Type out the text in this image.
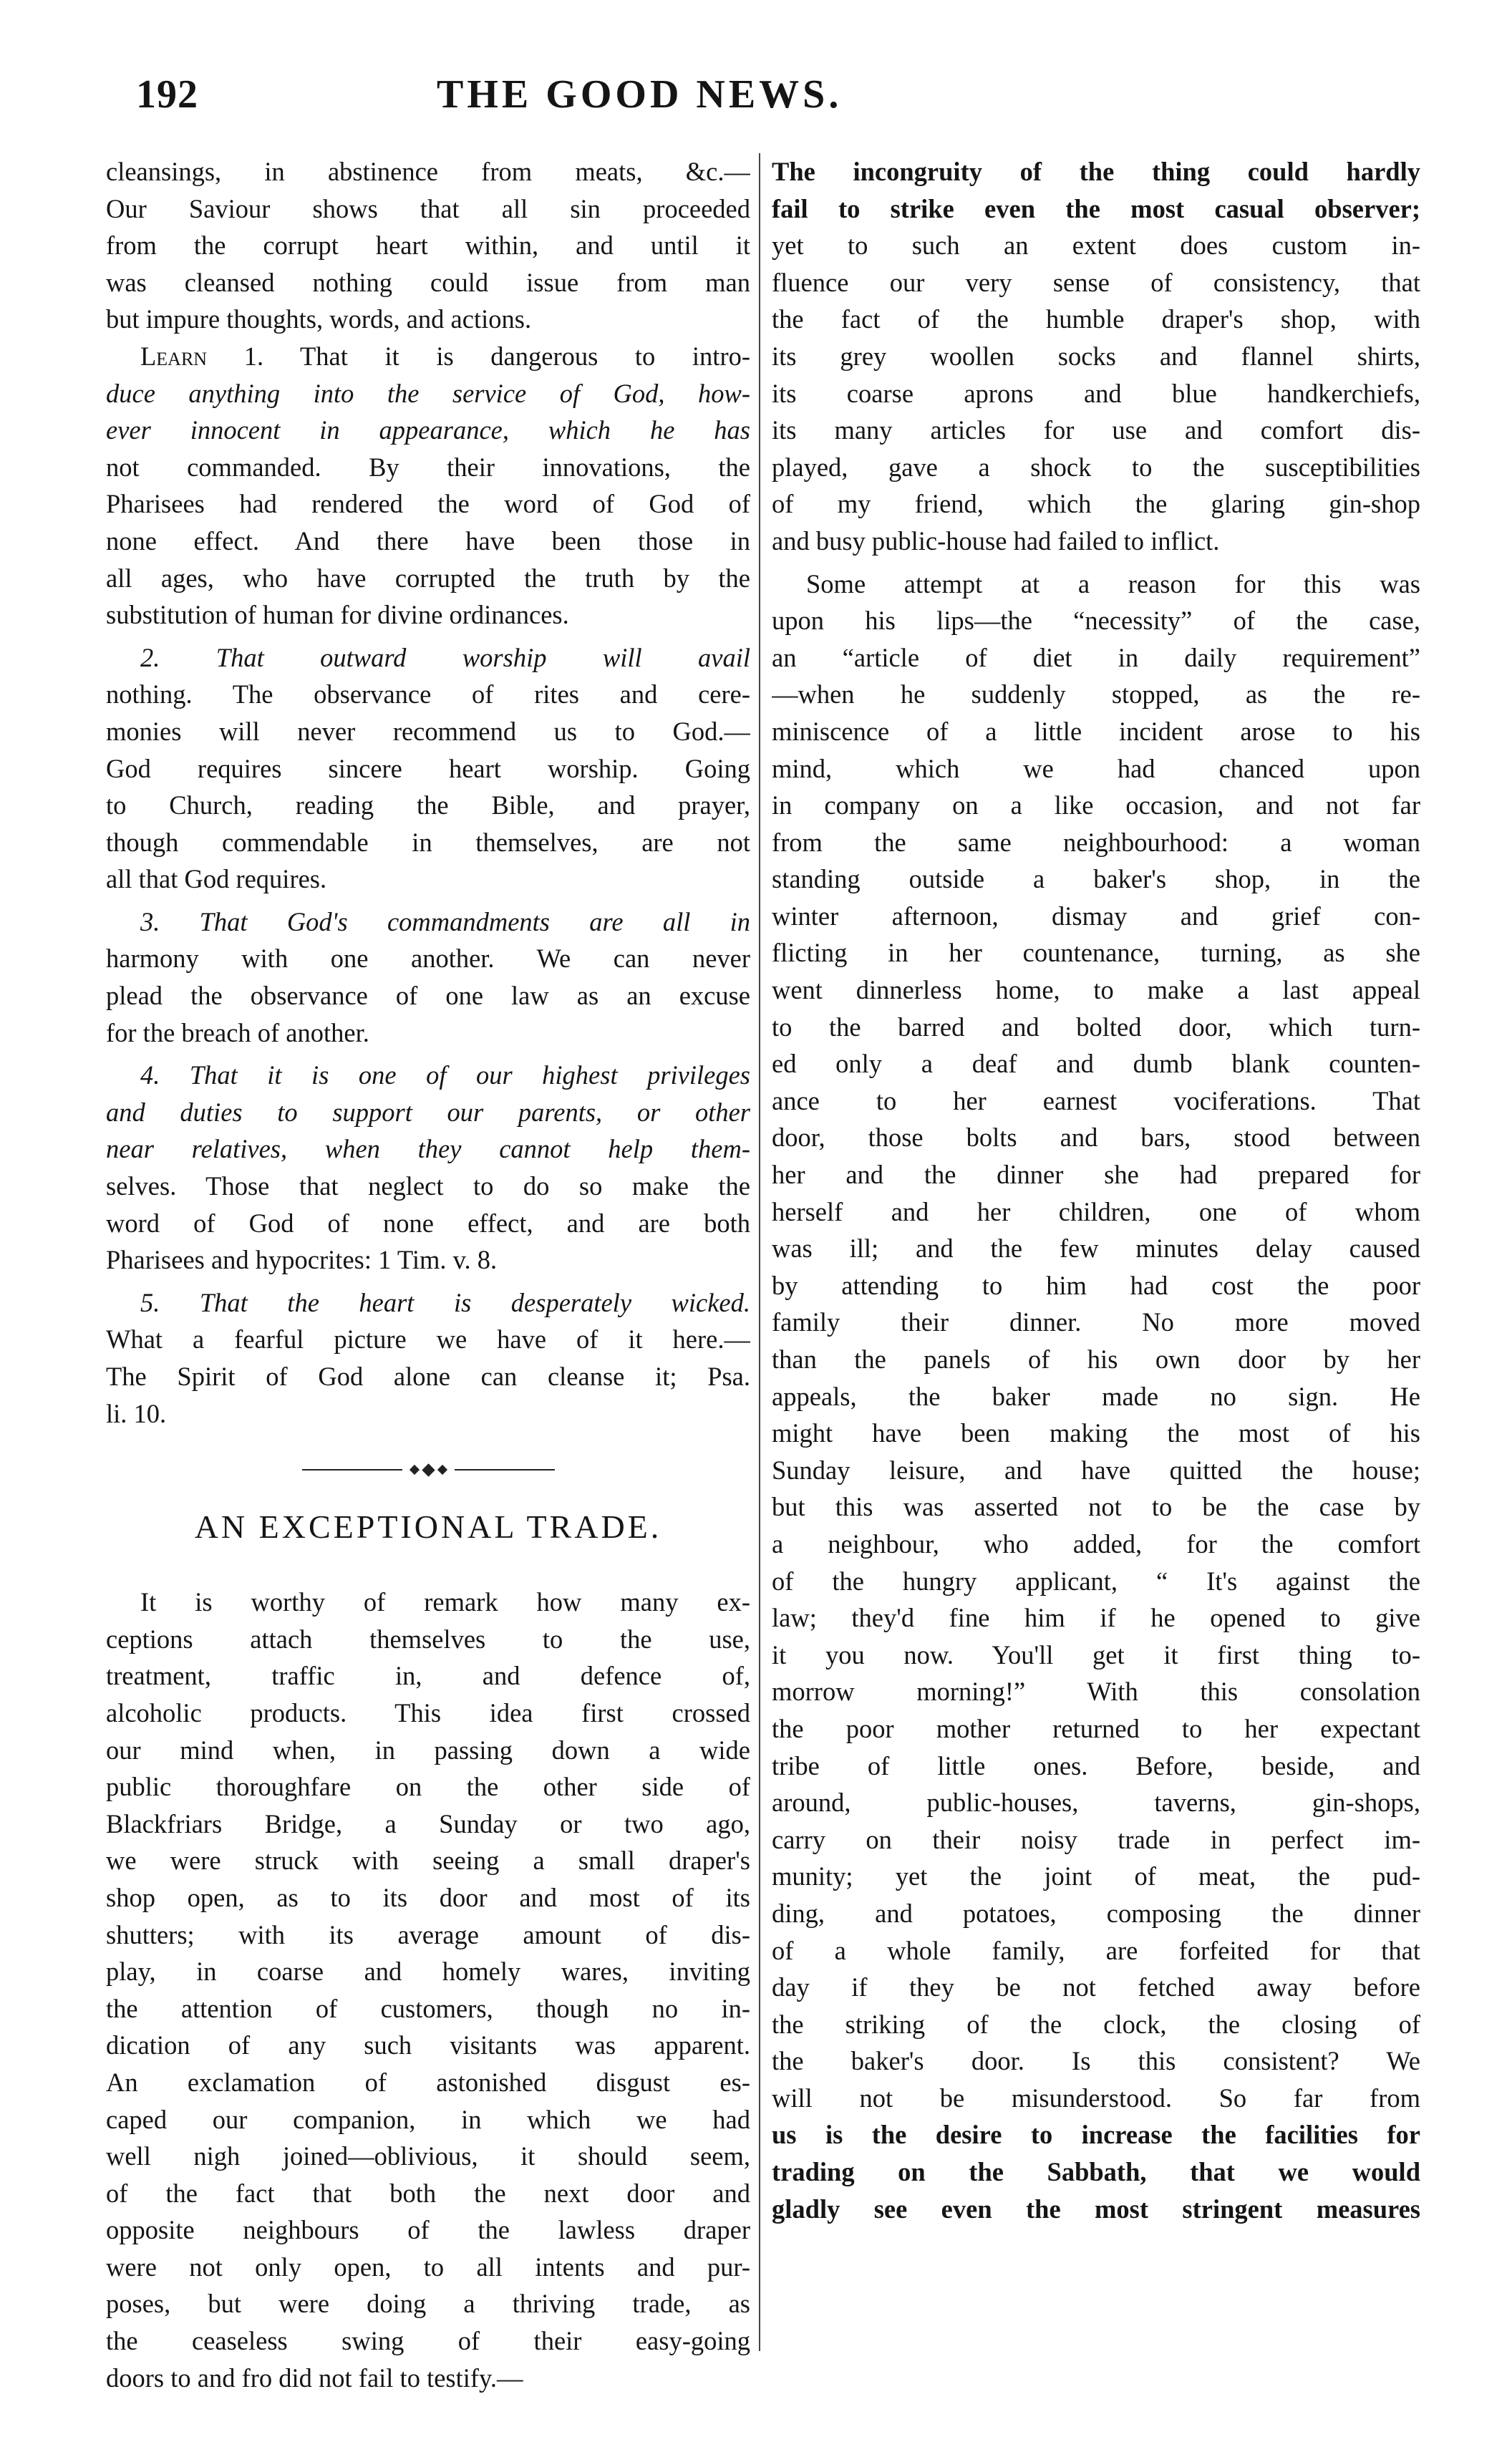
192	THE GOOD NEWS.
cleansings, in abstinence from meats, &c.—
Our Saviour shows that all sin proceeded
from the corrupt heart within, and until it
was cleansed nothing could issue from man
but impure thoughts, words, and actions.
Learn 1. That it is dangerous to intro-
duce anything into the service of God, how-
ever innocent in appearance, which he has
not commanded. By their innovations, the
Pharisees had rendered the word of God of
none effect. And there have been those in
all ages, who have corrupted the truth by the
substitution of human for divine ordinances.
2. That outward worship will avail
nothing. The observance of rites and cere-
monies will never recommend us to God.—
God requires sincere heart worship. Going
to Church, reading the Bible, and prayer,
though commendable in themselves, are not
all that God requires.
3. That God's commandments are all in
harmony with one another. We can never
plead the observance of one law as an excuse
for the breach of another.
4. That it is one of our highest privileges
and duties to support our parents, or other
near relatives, when they cannot help them-
selves. Those that neglect to do so make the
word of God of none effect, and are both
Pharisees and hypocrites: 1 Tim. v. 8.
5. That the heart is desperately wicked.
What a fearful picture we have of it here.—
The Spirit of God alone can cleanse it; Psa.
li. 10.
AN EXCEPTIONAL TRADE.
It is worthy of remark how many ex-
ceptions attach themselves to the use,
treatment, traffic in, and defence of,
alcoholic products. This idea first crossed
our mind when, in passing down a wide
public thoroughfare on the other side of
Blackfriars Bridge, a Sunday or two ago,
we were struck with seeing a small draper's
shop open, as to its door and most of its
shutters; with its average amount of dis-
play, in coarse and homely wares, inviting
the attention of customers, though no in-
dication of any such visitants was apparent.
An exclamation of astonished disgust es-
caped our companion, in which we had
well nigh joined—oblivious, it should seem,
of the fact that both the next door and
opposite neighbours of the lawless draper
were not only open, to all intents and pur-
poses, but were doing a thriving trade, as
the ceaseless swing of their easy-going
doors to and fro did not fail to testify.—
The incongruity of the thing could hardly
fail to strike even the most casual observer;
yet to such an extent does custom in-
fluence our very sense of consistency, that
the fact of the humble draper's shop, with
its grey woollen socks and flannel shirts,
its coarse aprons and blue handkerchiefs,
its many articles for use and comfort dis-
played, gave a shock to the susceptibilities
of my friend, which the glaring gin-shop
and busy public-house had failed to inflict.
Some attempt at a reason for this was
upon his lips—the “necessity” of the case,
an “article of diet in daily requirement”
—when he suddenly stopped, as the re-
miniscence of a little incident arose to his
mind, which we had chanced upon
in company on a like occasion, and not far
from the same neighbourhood: a woman
standing outside a baker's shop, in the
winter afternoon, dismay and grief con-
flicting in her countenance, turning, as she
went dinnerless home, to make a last appeal
to the barred and bolted door, which turn-
ed only a deaf and dumb blank counten-
ance to her earnest vociferations. That
door, those bolts and bars, stood between
her and the dinner she had prepared for
herself and her children, one of whom
was ill; and the few minutes delay caused
by attending to him had cost the poor
family their dinner. No more moved
than the panels of his own door by her
appeals, the baker made no sign. He
might have been making the most of his
Sunday leisure, and have quitted the house;
but this was asserted not to be the case by
a neighbour, who added, for the comfort
of the hungry applicant, “ It's against the
law; they'd fine him if he opened to give
it you now. You'll get it first thing to-
morrow morning!” With this consolation
the poor mother returned to her expectant
tribe of little ones. Before, beside, and
around, public-houses, taverns, gin-shops,
carry on their noisy trade in perfect im-
munity; yet the joint of meat, the pud-
ding, and potatoes, composing the dinner
of a whole family, are forfeited for that
day if they be not fetched away before
the striking of the clock, the closing of
the baker's door. Is this consistent? We
will not be misunderstood. So far from
us is the desire to increase the facilities for
trading on the Sabbath, that we would
gladly see even the most stringent measures
